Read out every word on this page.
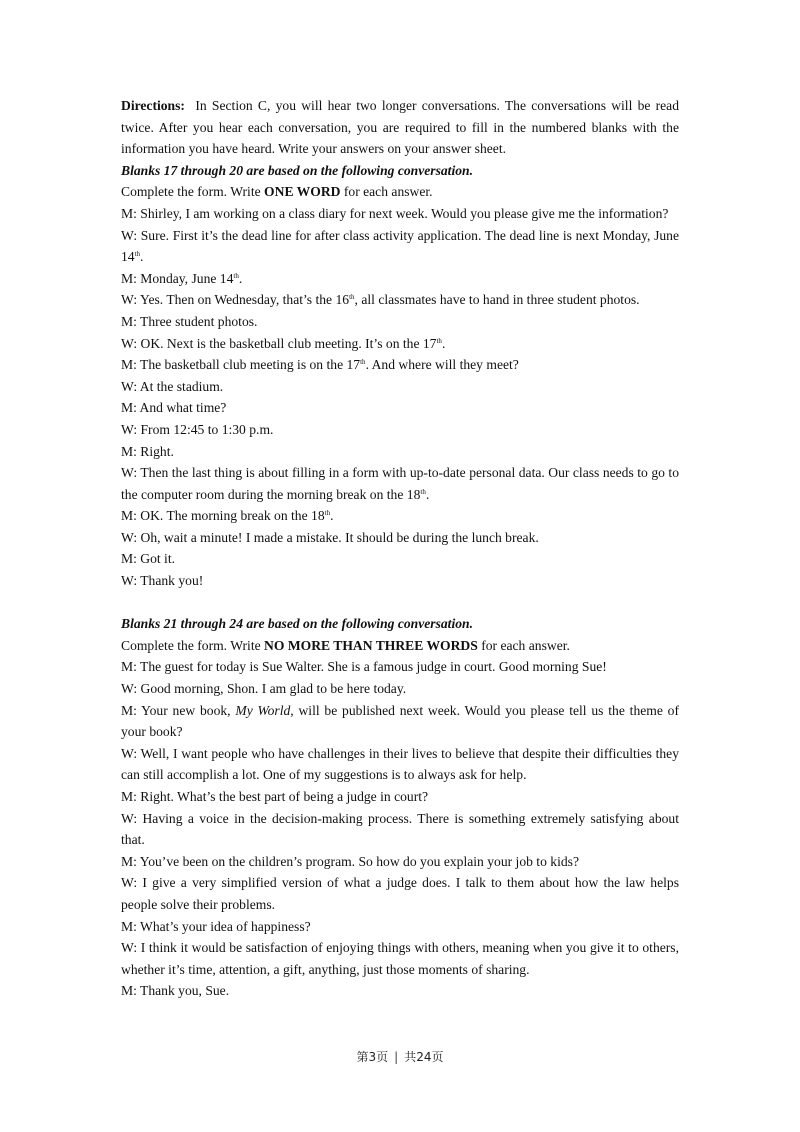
Directions: In Section C, you will hear two longer conversations. The conversations will be read twice. After you hear each conversation, you are required to fill in the numbered blanks with the information you have heard. Write your answers on your answer sheet.

Blanks 17 through 20 are based on the following conversation.

Complete the form. Write ONE WORD for each answer.

M: Shirley, I am working on a class diary for next week. Would you please give me the information?

W: Sure. First it’s the dead line for after class activity application. The dead line is next Monday, June 14th.

M: Monday, June 14th.

W: Yes. Then on Wednesday, that’s the 16th, all classmates have to hand in three student photos.

M: Three student photos.

W: OK. Next is the basketball club meeting. It’s on the 17th.

M: The basketball club meeting is on the 17th. And where will they meet?

W: At the stadium.

M: And what time?

W: From 12:45 to 1:30 p.m.

M: Right.

W: Then the last thing is about filling in a form with up-to-date personal data. Our class needs to go to the computer room during the morning break on the 18th.

M: OK. The morning break on the 18th.

W: Oh, wait a minute! I made a mistake. It should be during the lunch break.

M: Got it.

W: Thank you!

Blanks 21 through 24 are based on the following conversation.

Complete the form. Write NO MORE THAN THREE WORDS for each answer.

M: The guest for today is Sue Walter. She is a famous judge in court. Good morning Sue!

W: Good morning, Shon. I am glad to be here today.

M: Your new book, My World, will be published next week. Would you please tell us the theme of your book?

W: Well, I want people who have challenges in their lives to believe that despite their difficulties they can still accomplish a lot. One of my suggestions is to always ask for help.

M: Right. What’s the best part of being a judge in court?

W: Having a voice in the decision-making process. There is something extremely satisfying about that.

M: You’ve been on the children’s program. So how do you explain your job to kids?

W: I give a very simplified version of what a judge does. I talk to them about how the law helps people solve their problems.

M: What’s your idea of happiness?

W: I think it would be satisfaction of enjoying things with others, meaning when you give it to others, whether it’s time, attention, a gift, anything, just those moments of sharing.

M: Thank you, Sue.

第3页 | 共24页
